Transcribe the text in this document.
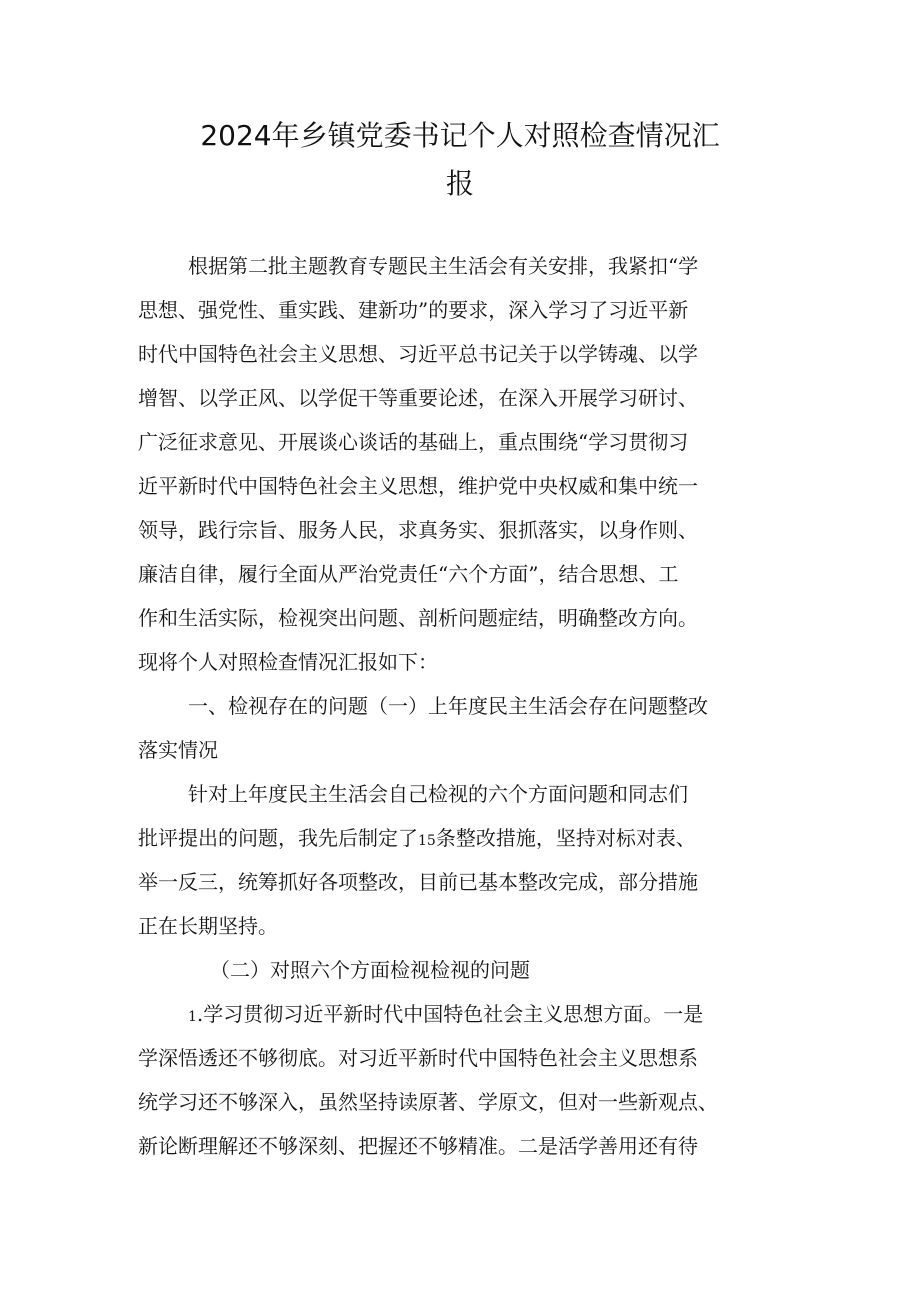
2024年乡镇党委书记个人对照检查情况汇
报
根据第二批主题教育专题民主生活会有关安排，我紧扣“学
思想、强党性、重实践、建新功”的要求，深入学习了习近平新
时代中国特色社会主义思想、习近平总书记关于以学铸魂、以学
增智、以学正风、以学促干等重要论述，在深入开展学习研讨、
广泛征求意见、开展谈心谈话的基础上，重点围绕“学习贯彻习
近平新时代中国特色社会主义思想，维护党中央权威和集中统一
领导，践行宗旨、服务人民，求真务实、狠抓落实，以身作则、
廉洁自律，履行全面从严治党责任“六个方面”，结合思想、工
作和生活实际，检视突出问题、剖析问题症结，明确整改方向。
现将个人对照检查情况汇报如下：
一、检视存在的问题（一）上年度民主生活会存在问题整改
落实情况
针对上年度民主生活会自己检视的六个方面问题和同志们
批评提出的问题，我先后制定了15条整改措施，坚持对标对表、
举一反三，统筹抓好各项整改，目前已基本整改完成，部分措施
正在长期坚持。
（二）对照六个方面检视检视的问题
1.学习贯彻习近平新时代中国特色社会主义思想方面。一是
学深悟透还不够彻底。对习近平新时代中国特色社会主义思想系
统学习还不够深入，虽然坚持读原著、学原文，但对一些新观点、
新论断理解还不够深刻、把握还不够精准。二是活学善用还有待
